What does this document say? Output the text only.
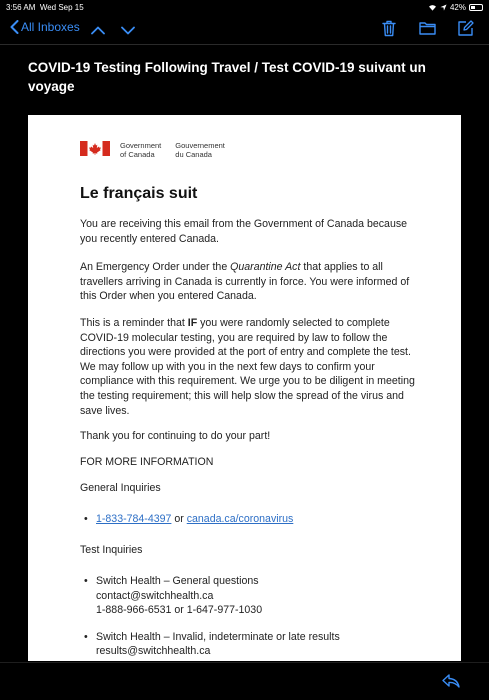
3:56 AM Wed Sep 15	42%
All Inboxes
COVID-19 Testing Following Travel / Test COVID-19 suivant un voyage
Government
of Canada
Gouvernement
du Canada
Le français suit

You are receiving this email from the Government of Canada because you recently entered Canada.

An Emergency Order under the Quarantine Act that applies to all travellers arriving in Canada is currently in force. You were informed of this Order when you entered Canada.

This is a reminder that IF you were randomly selected to complete COVID-19 molecular testing, you are required by law to follow the directions you were provided at the port of entry and complete the test. We may follow up with you in the next few days to confirm your compliance with this requirement. We urge you to be diligent in meeting the testing requirement; this will help slow the spread of the virus and save lives.

Thank you for continuing to do your part!

FOR MORE INFORMATION

General Inquiries

• 1-833-784-4397 or canada.ca/coronavirus

Test Inquiries

• Switch Health – General questions
contact@switchhealth.ca
1-888-966-6531 or 1-647-977-1030
• Switch Health – Invalid, indeterminate or late results
results@switchhealth.ca
